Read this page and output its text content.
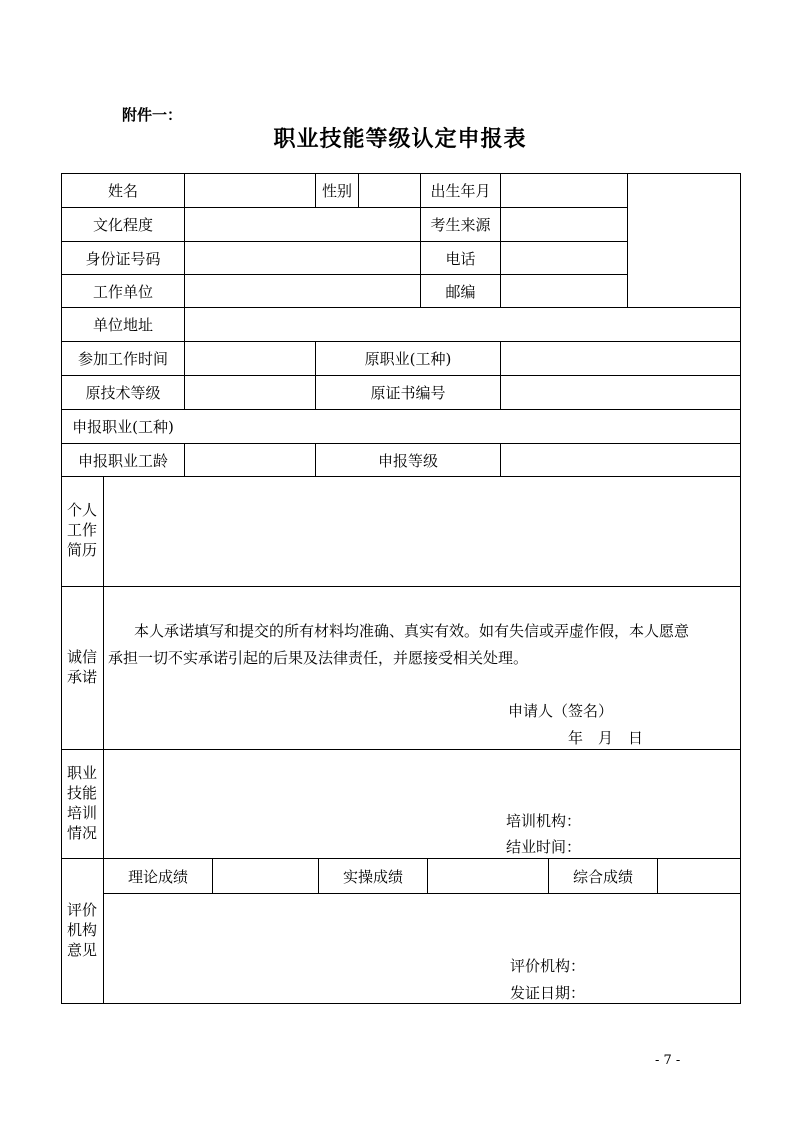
附件一：
职业技能等级认定申报表
姓名	性别	出生年月
文化程度	考生来源
身份证号码	电话
工作单位	邮编
单位地址
参加工作时间	原职业(工种)
原技术等级	原证书编号
申报职业(工种)
申报职业工龄	申报等级
个人
工作
简历
诚信
承诺
本人承诺填写和提交的所有材料均准确、真实有效。如有失信或弄虚作假，本人愿意
承担一切不实承诺引起的后果及法律责任，并愿接受相关处理。
申请人（签名）
年　月　日
职业
技能
培训
情况
培训机构：
结业时间：
理论成绩	实操成绩	综合成绩
评价
机构
意见
评价机构：
发证日期：
- 7 -
